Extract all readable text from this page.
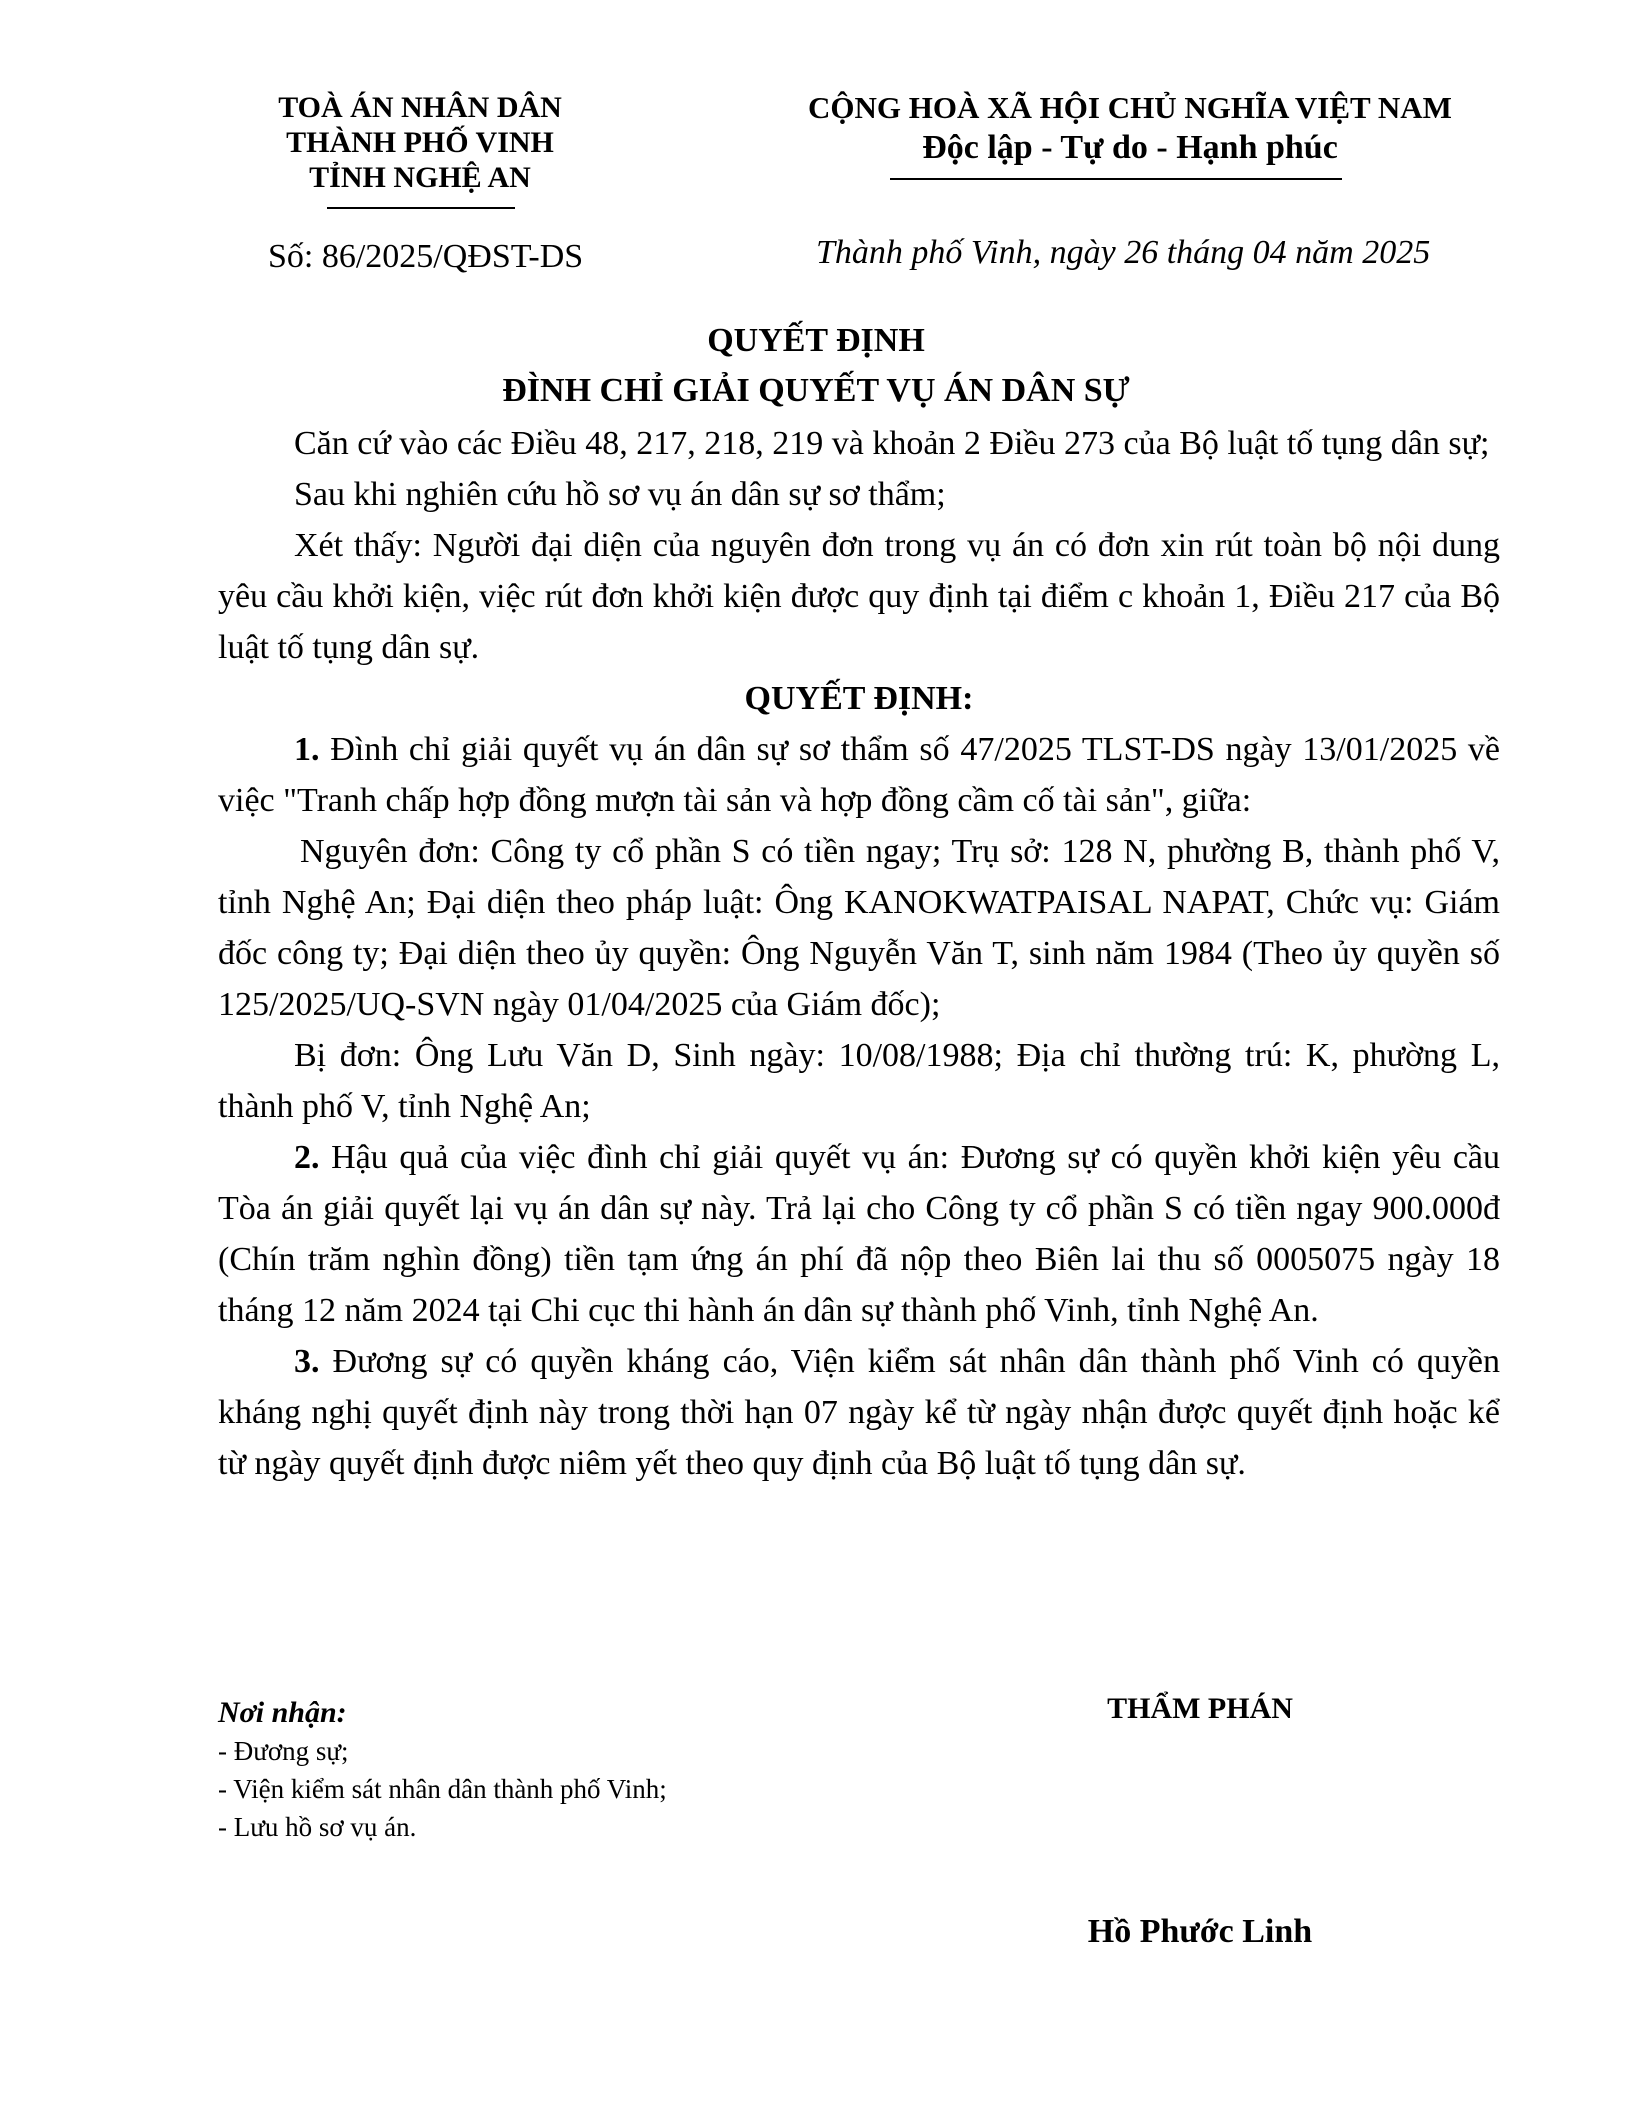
TOÀ ÁN NHÂN DÂN
THÀNH PHỐ VINH
TỈNH NGHỆ AN
CỘNG HOÀ XÃ HỘI CHỦ NGHĨA VIỆT NAM
Độc lập - Tự do - Hạnh phúc
Số: 86/2025/QĐST-DS	Thành phố Vinh, ngày 26 tháng 04 năm 2025
QUYẾT ĐỊNH
ĐÌNH CHỈ GIẢI QUYẾT VỤ ÁN DÂN SỰ

Căn cứ vào các Điều 48, 217, 218, 219 và khoản 2 Điều 273 của Bộ luật tố tụng dân sự;

Sau khi nghiên cứu hồ sơ vụ án dân sự sơ thẩm;

Xét thấy: Người đại diện của nguyên đơn trong vụ án có đơn xin rút toàn bộ nội dung yêu cầu khởi kiện, việc rút đơn khởi kiện được quy định tại điểm c khoản 1, Điều 217 của Bộ luật tố tụng dân sự.

QUYẾT ĐỊNH:

1. Đình chỉ giải quyết vụ án dân sự sơ thẩm số 47/2025 TLST-DS ngày 13/01/2025 về việc "Tranh chấp hợp đồng mượn tài sản và hợp đồng cầm cố tài sản", giữa:

Nguyên đơn: Công ty cổ phần S có tiền ngay; Trụ sở: 128 N, phường B, thành phố V, tỉnh Nghệ An; Đại diện theo pháp luật: Ông KANOKWATPAISAL NAPAT, Chức vụ: Giám đốc công ty; Đại diện theo ủy quyền: Ông Nguyễn Văn T, sinh năm 1984 (Theo ủy quyền số 125/2025/UQ-SVN ngày 01/04/2025 của Giám đốc);

Bị đơn: Ông Lưu Văn D, Sinh ngày: 10/08/1988; Địa chỉ thường trú: K, phường L, thành phố V, tỉnh Nghệ An;

2. Hậu quả của việc đình chỉ giải quyết vụ án: Đương sự có quyền khởi kiện yêu cầu Tòa án giải quyết lại vụ án dân sự này. Trả lại cho Công ty cổ phần S có tiền ngay 900.000đ (Chín trăm nghìn đồng) tiền tạm ứng án phí đã nộp theo Biên lai thu số 0005075 ngày 18 tháng 12 năm 2024 tại Chi cục thi hành án dân sự thành phố Vinh, tỉnh Nghệ An.

3. Đương sự có quyền kháng cáo, Viện kiểm sát nhân dân thành phố Vinh có quyền kháng nghị quyết định này trong thời hạn 07 ngày kể từ ngày nhận được quyết định hoặc kể từ ngày quyết định được niêm yết theo quy định của Bộ luật tố tụng dân sự.

Nơi nhận:
- Đương sự;
- Viện kiểm sát nhân dân thành phố Vinh;
- Lưu hồ sơ vụ án.
THẨM PHÁN
Hồ Phước Linh
